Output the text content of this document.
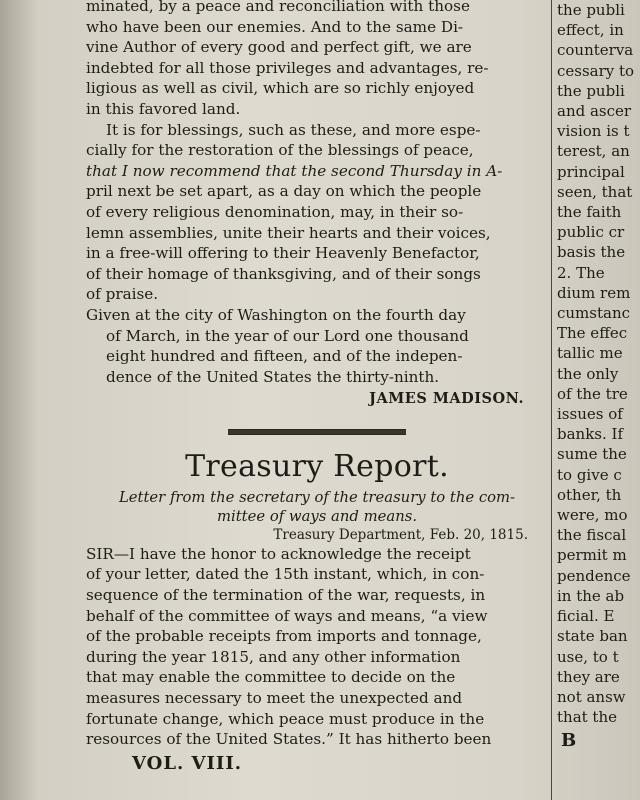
minated, by a peace and reconciliation with those
who have been our enemies. And to the same Di-
vine Author of every good and perfect gift, we are
indebted for all those privileges and advantages, re-
ligious as well as civil, which are so richly enjoyed
in this favored land.
It is for blessings, such as these, and more espe-
cially for the restoration of the blessings of peace,
that I now recommend that the second Thursday in A-
pril next be set apart, as a day on which the people
of every religious denomination, may, in their so-
lemn assemblies, unite their hearts and their voices,
in a free-will offering to their Heavenly Benefactor,
of their homage of thanksgiving, and of their songs
of praise.
Given at the city of Washington on the fourth day
of March, in the year of our Lord one thousand
eight hundred and fifteen, and of the indepen-
dence of the United States the thirty-ninth.
JAMES MADISON.
Treasury Report.
Letter from the secretary of the treasury to the com-
mittee of ways and means.
Treasury Department, Feb. 20, 1815.
SIR—I have the honor to acknowledge the receipt
of your letter, dated the 15th instant, which, in con-
sequence of the termination of the war, requests, in
behalf of the committee of ways and means, “a view
of the probable receipts from imports and tonnage,
during the year 1815, and any other information
that may enable the committee to decide on the
measures necessary to meet the unexpected and
fortunate change, which peace must produce in the
resources of the United States.” It has hitherto been
VOL. VIII.
the publi
effect, in
counterva
cessary to
the publi
and ascer
vision is t
terest, an
principal
seen, that
the faith
public cr
basis the
2. The
dium rem
cumstanc
The effec
tallic me
the only
of the tre
issues of
banks. If
sume the
to give c
other, th
were, mo
the fiscal
permit m
pendence
in the ab
ficial. E
state ban
use, to t
they are
not answ
that the
B
